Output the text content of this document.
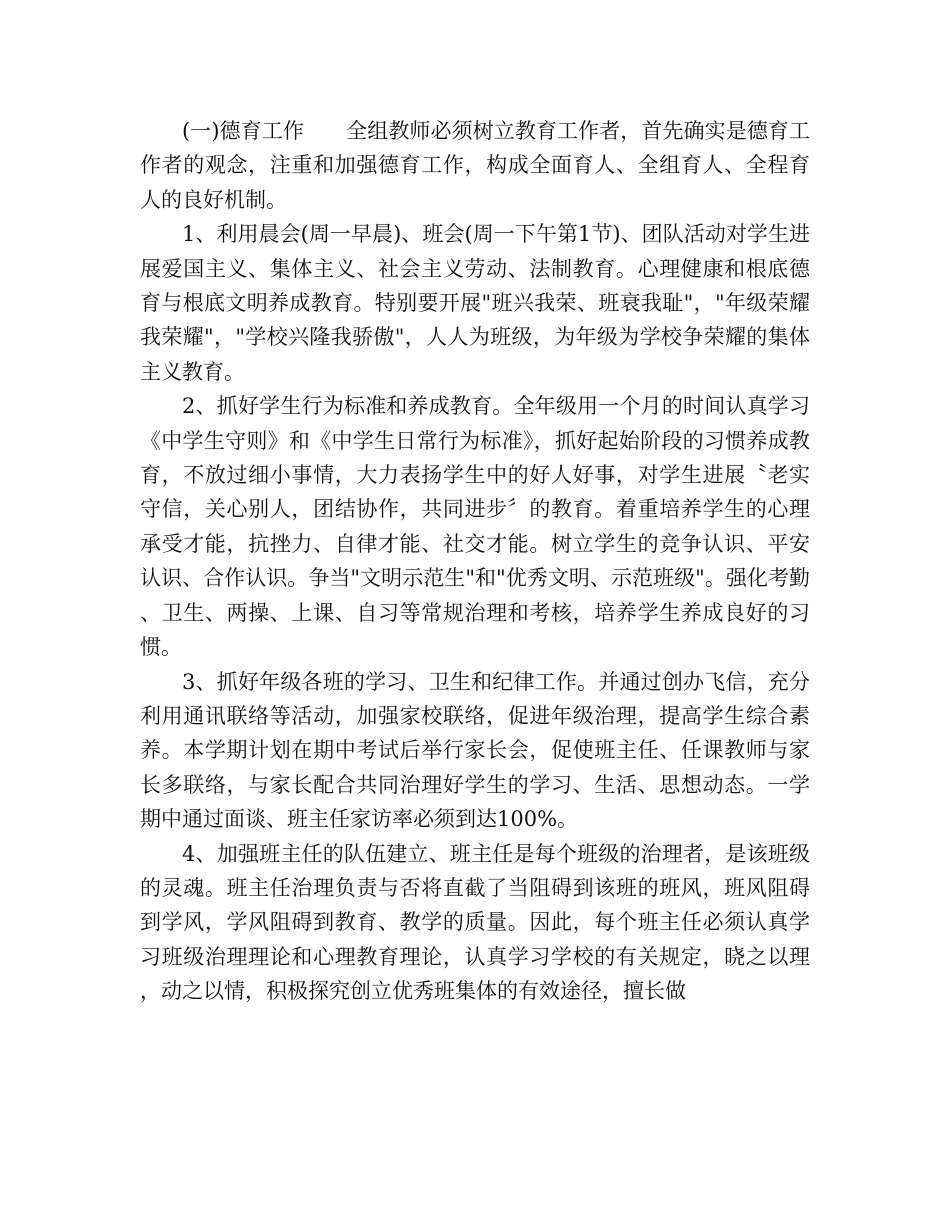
(一)德育工作　　全组教师必须树立教育工作者，首先确实是德育工作者的观念，注重和加强德育工作，构成全面育人、全组育人、全程育人的良好机制。

1、利用晨会(周一早晨)、班会(周一下午第1节)、团队活动对学生进展爱国主义、集体主义、社会主义劳动、法制教育。心理健康和根底德育与根底文明养成教育。特别要开展"班兴我荣、班衰我耻"，"年级荣耀我荣耀"，"学校兴隆我骄傲"，人人为班级，为年级为学校争荣耀的集体主义教育。

2、抓好学生行为标准和养成教育。全年级用一个月的时间认真学习《中学生守则》和《中学生日常行为标准》，抓好起始阶段的习惯养成教育，不放过细小事情，大力表扬学生中的好人好事，对学生进展〝老实守信，关心别人，团结协作，共同进步〞的教育。着重培养学生的心理承受才能，抗挫力、自律才能、社交才能。树立学生的竞争认识、平安认识、合作认识。争当"文明示范生"和"优秀文明、示范班级"。强化考勤、卫生、两操、上课、自习等常规治理和考核，培养学生养成良好的习惯。

3、抓好年级各班的学习、卫生和纪律工作。并通过创办飞信，充分利用通讯联络等活动，加强家校联络，促进年级治理，提高学生综合素养。本学期计划在期中考试后举行家长会，促使班主任、任课教师与家长多联络，与家长配合共同治理好学生的学习、生活、思想动态。一学期中通过面谈、班主任家访率必须到达100%。

4、加强班主任的队伍建立、班主任是每个班级的治理者，是该班级的灵魂。班主任治理负责与否将直截了当阻碍到该班的班风，班风阻碍到学风，学风阻碍到教育、教学的质量。因此，每个班主任必须认真学习班级治理理论和心理教育理论，认真学习学校的有关规定，晓之以理，动之以情，积极探究创立优秀班集体的有效途径，擅长做
